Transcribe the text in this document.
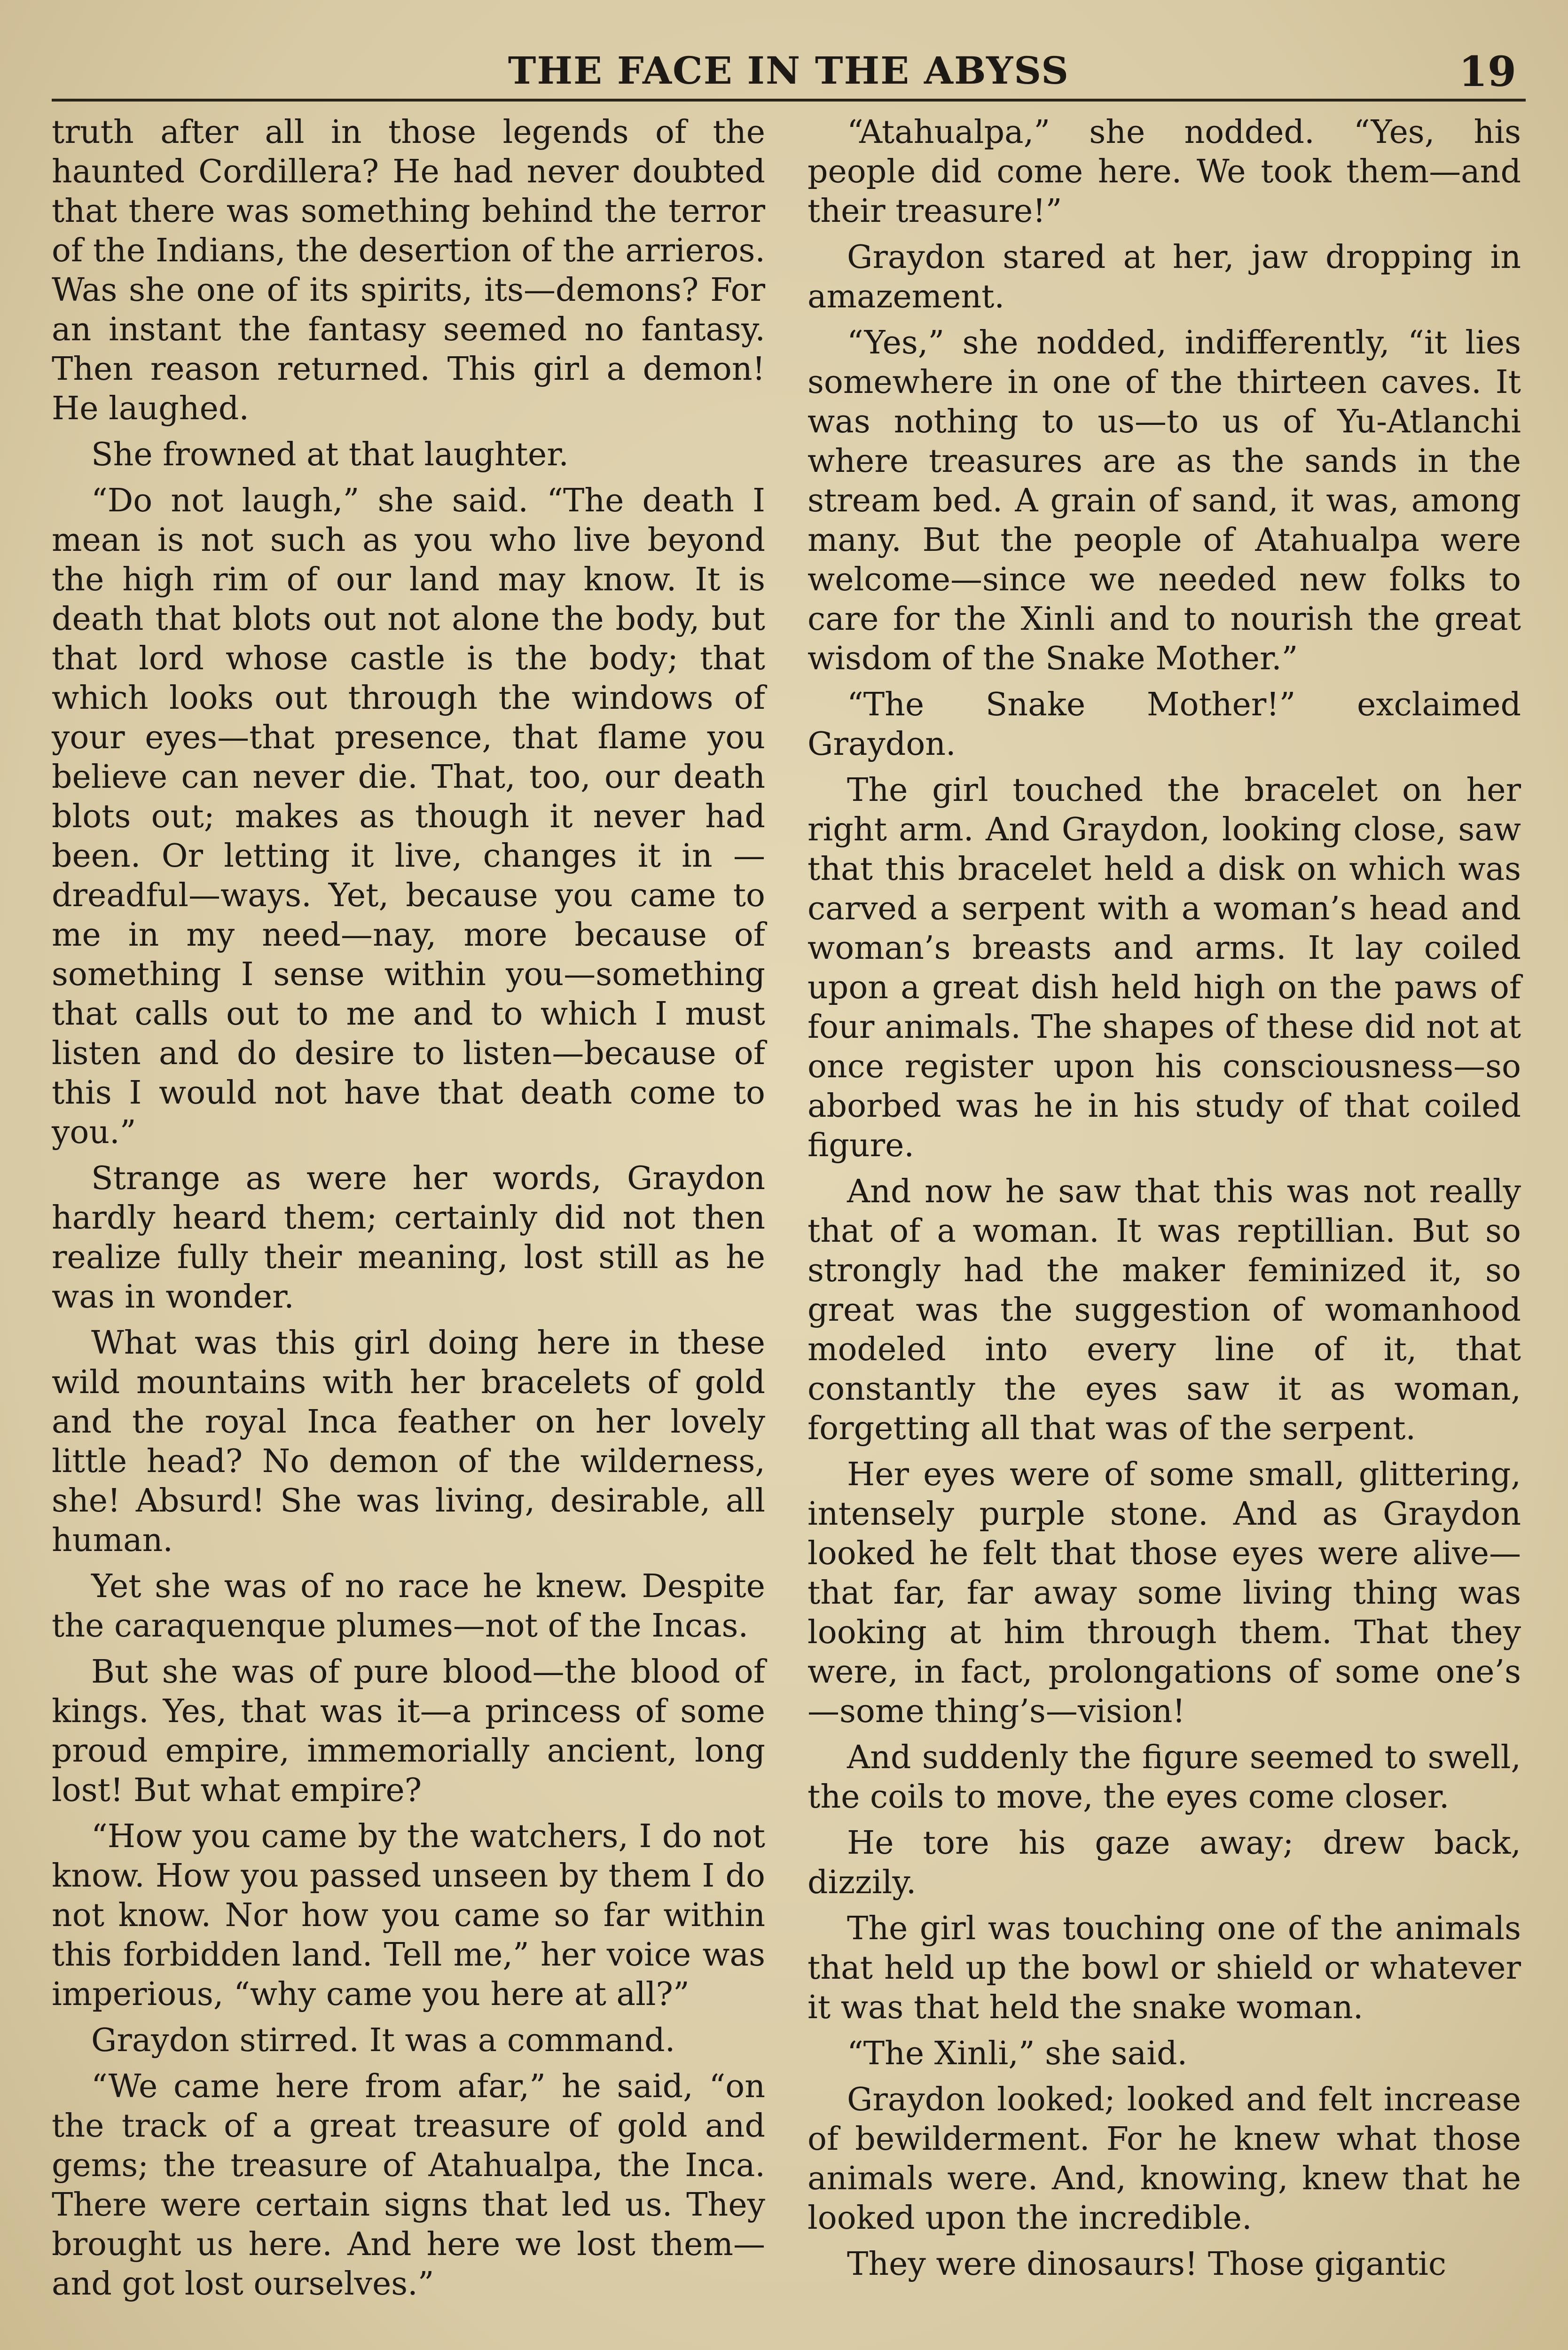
THE FACE IN THE ABYSS	19

truth after all in those legends of the haunted Cordillera? He had never doubted that there was something behind the terror of the Indians, the desertion of the arrieros. Was she one of its spirits, its—demons? For an instant the fantasy seemed no fantasy. Then reason returned. This girl a demon! He laughed.

She frowned at that laughter.

“Do not laugh,” she said. “The death I mean is not such as you who live beyond the high rim of our land may know. It is death that blots out not alone the body, but that lord whose castle is the body; that which looks out through the windows of your eyes—that presence, that flame you believe can never die. That, too, our death blots out; makes as though it never had been. Or letting it live, changes it in —dreadful—ways. Yet, because you came to me in my need—nay, more because of something I sense within you—something that calls out to me and to which I must listen and do desire to listen—because of this I would not have that death come to you.”

Strange as were her words, Graydon hardly heard them; certainly did not then realize fully their meaning, lost still as he was in wonder.

What was this girl doing here in these wild mountains with her bracelets of gold and the royal Inca feather on her lovely little head? No demon of the wilderness, she! Absurd! She was living, desirable, all human.

Yet she was of no race he knew. Despite the caraquenque plumes—not of the Incas.

But she was of pure blood—the blood of kings. Yes, that was it—a princess of some proud empire, immemorially ancient, long lost! But what empire?

“How you came by the watchers, I do not know. How you passed unseen by them I do not know. Nor how you came so far within this forbidden land. Tell me,” her voice was imperious, “why came you here at all?”

Graydon stirred. It was a command.

“We came here from afar,” he said, “on the track of a great treasure of gold and gems; the treasure of Atahualpa, the Inca. There were certain signs that led us. They brought us here. And here we lost them—and got lost ourselves.”

“Atahualpa,” she nodded. “Yes, his people did come here. We took them—and their treasure!”

Graydon stared at her, jaw dropping in amazement.

“Yes,” she nodded, indifferently, “it lies somewhere in one of the thirteen caves. It was nothing to us—to us of Yu-Atlanchi where treasures are as the sands in the stream bed. A grain of sand, it was, among many. But the people of Atahualpa were welcome—since we needed new folks to care for the Xinli and to nourish the great wisdom of the Snake Mother.”

“The Snake Mother!” exclaimed Graydon.

The girl touched the bracelet on her right arm. And Graydon, looking close, saw that this bracelet held a disk on which was carved a serpent with a woman’s head and woman’s breasts and arms. It lay coiled upon a great dish held high on the paws of four animals. The shapes of these did not at once register upon his consciousness—so aborbed was he in his study of that coiled figure.

And now he saw that this was not really that of a woman. It was reptillian. But so strongly had the maker feminized it, so great was the suggestion of womanhood modeled into every line of it, that constantly the eyes saw it as woman, forgetting all that was of the serpent.

Her eyes were of some small, glittering, intensely purple stone. And as Graydon looked he felt that those eyes were alive—that far, far away some living thing was looking at him through them. That they were, in fact, prolongations of some one’s —some thing’s—vision!

And suddenly the figure seemed to swell, the coils to move, the eyes come closer.

He tore his gaze away; drew back, dizzily.

The girl was touching one of the animals that held up the bowl or shield or whatever it was that held the snake woman.

“The Xinli,” she said.

Graydon looked; looked and felt increase of bewilderment. For he knew what those animals were. And, knowing, knew that he looked upon the incredible.

They were dinosaurs! Those gigantic
